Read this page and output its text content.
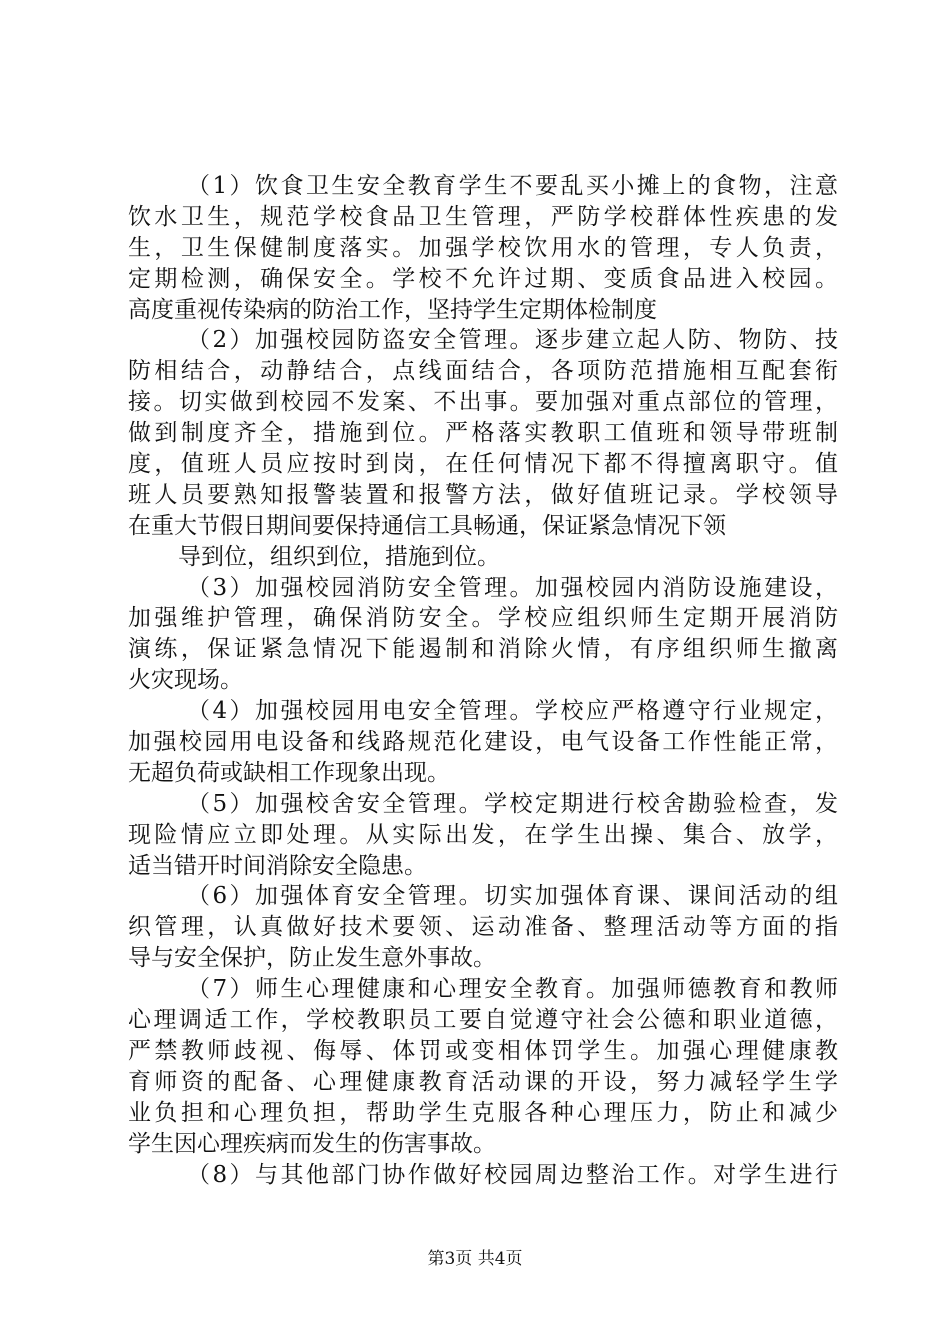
（1）饮食卫生安全教育学生不要乱买小摊上的食物，注意
饮水卫生，规范学校食品卫生管理，严防学校群体性疾患的发
生，卫生保健制度落实。加强学校饮用水的管理，专人负责，
定期检测，确保安全。学校不允许过期、变质食品进入校园。
高度重视传染病的防治工作，坚持学生定期体检制度
（2）加强校园防盗安全管理。逐步建立起人防、物防、技
防相结合，动静结合，点线面结合，各项防范措施相互配套衔
接。切实做到校园不发案、不出事。要加强对重点部位的管理，
做到制度齐全，措施到位。严格落实教职工值班和领导带班制
度，值班人员应按时到岗，在任何情况下都不得擅离职守。值
班人员要熟知报警装置和报警方法，做好值班记录。学校领导
在重大节假日期间要保持通信工具畅通，保证紧急情况下领
导到位，组织到位，措施到位。
（3）加强校园消防安全管理。加强校园内消防设施建设，
加强维护管理，确保消防安全。学校应组织师生定期开展消防
演练，保证紧急情况下能遏制和消除火情，有序组织师生撤离
火灾现场。
（4）加强校园用电安全管理。学校应严格遵守行业规定，
加强校园用电设备和线路规范化建设，电气设备工作性能正常，
无超负荷或缺相工作现象出现。
（5）加强校舍安全管理。学校定期进行校舍勘验检查，发
现险情应立即处理。从实际出发，在学生出操、集合、放学，
适当错开时间消除安全隐患。
（6）加强体育安全管理。切实加强体育课、课间活动的组
织管理，认真做好技术要领、运动准备、整理活动等方面的指
导与安全保护，防止发生意外事故。
（7）师生心理健康和心理安全教育。加强师德教育和教师
心理调适工作，学校教职员工要自觉遵守社会公德和职业道德，
严禁教师歧视、侮辱、体罚或变相体罚学生。加强心理健康教
育师资的配备、心理健康教育活动课的开设，努力减轻学生学
业负担和心理负担，帮助学生克服各种心理压力，防止和减少
学生因心理疾病而发生的伤害事故。
（8）与其他部门协作做好校园周边整治工作。对学生进行
第3页 共4页
